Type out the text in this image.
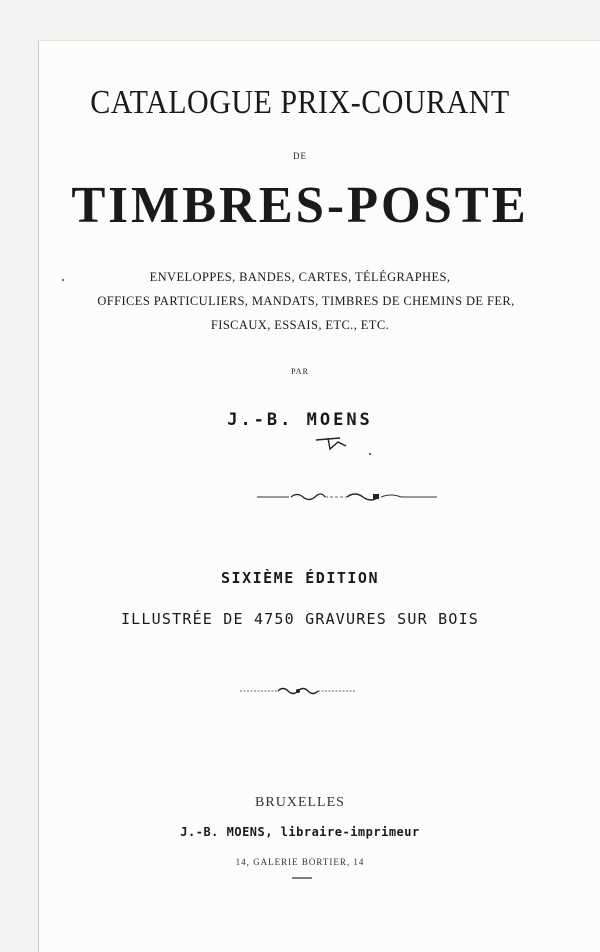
CATALOGUE PRIX-COURANT
DE
TIMBRES-POSTE
ENVELOPPES, BANDES, CARTES, TÉLÉGRAPHES,
OFFICES PARTICULIERS, MANDATS, TIMBRES DE CHEMINS DE FER,
FISCAUX, ESSAIS, ETC., ETC.
PAR
J.-B. MOENS
SIXIÈME ÉDITION
ILLUSTRÉE DE 4750 GRAVURES SUR BOIS
BRUXELLES
J.-B. MOENS, libraire-imprimeur
14, GALERIE BORTIER, 14
